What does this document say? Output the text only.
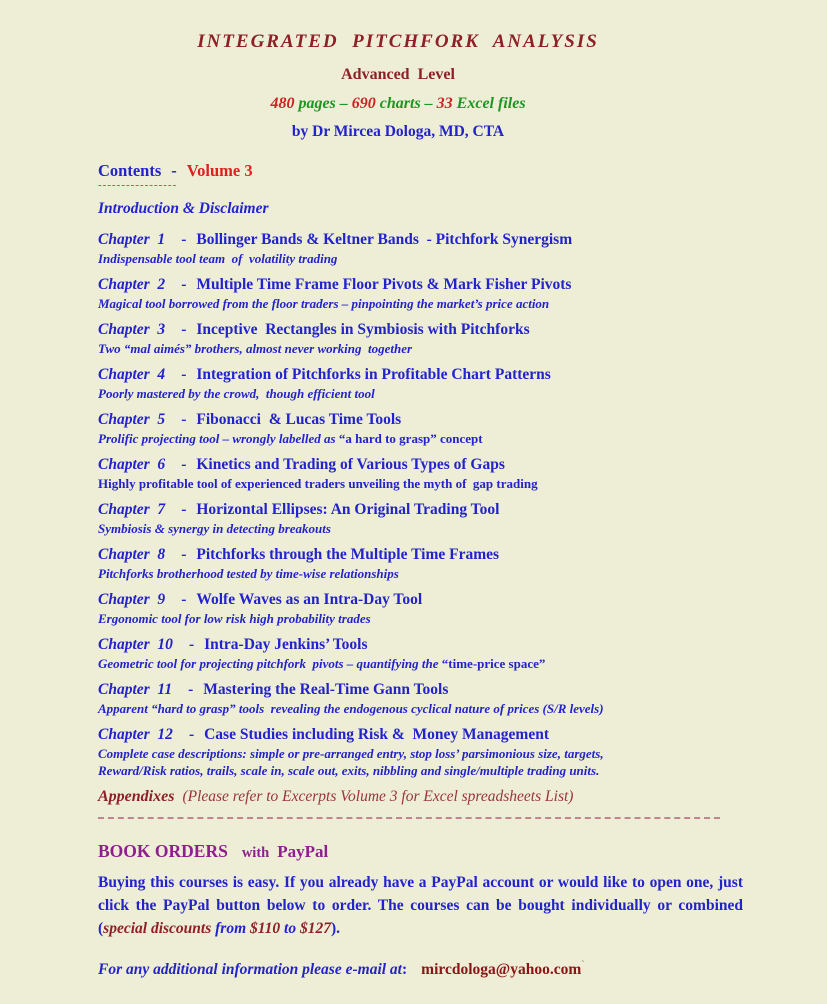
INTEGRATED  PITCHFORK  ANALYSIS
Advanced  Level
480 pages – 690 charts – 33 Excel files
by Dr Mircea Dologa, MD, CTA
Contents - Volume 3
-----------------
Introduction & Disclaimer
Chapter  1 - Bollinger Bands & Keltner Bands  - Pitchfork Synergism
Indispensable tool team  of  volatility trading
Chapter  2 - Multiple Time Frame Floor Pivots & Mark Fisher Pivots
Magical tool borrowed from the floor traders – pinpointing the market’s price action
Chapter  3 - Inceptive  Rectangles in Symbiosis with Pitchforks
Two “mal aimés” brothers, almost never working  together
Chapter  4 - Integration of Pitchforks in Profitable Chart Patterns
Poorly mastered by the crowd,  though efficient tool
Chapter  5 - Fibonacci  & Lucas Time Tools
Prolific projecting tool – wrongly labelled as “a hard to grasp” concept
Chapter  6 - Kinetics and Trading of Various Types of Gaps
Highly profitable tool of experienced traders unveiling the myth of  gap trading
Chapter  7 - Horizontal Ellipses: An Original Trading Tool
Symbiosis & synergy in detecting breakouts
Chapter  8 - Pitchforks through the Multiple Time Frames
Pitchforks brotherhood tested by time-wise relationships
Chapter  9 - Wolfe Waves as an Intra-Day Tool
Ergonomic tool for low risk high probability trades
Chapter  10 - Intra-Day Jenkins’ Tools
Geometric tool for projecting pitchfork  pivots – quantifying the “time-price space”
Chapter  11 - Mastering the Real-Time Gann Tools
Apparent “hard to grasp” tools  revealing the endogenous cyclical nature of prices (S/R levels)
Chapter  12 - Case Studies including Risk &  Money Management
Complete case descriptions: simple or pre-arranged entry, stop loss’ parsimonious size, targets,
Reward/Risk ratios, trails, scale in, scale out, exits, nibbling and single/multiple trading units.
Appendixes (Please refer to Excerpts Volume 3 for Excel spreadsheets List)
BOOK ORDERS with PayPal
Buying this courses is easy. If you already have a PayPal account or would like to open one, just click the PayPal button below to order. The courses can be bought individually or combined (special discounts from $110 to $127).
For any additional information please e-mail at: mircdologa@yahoo.com`
